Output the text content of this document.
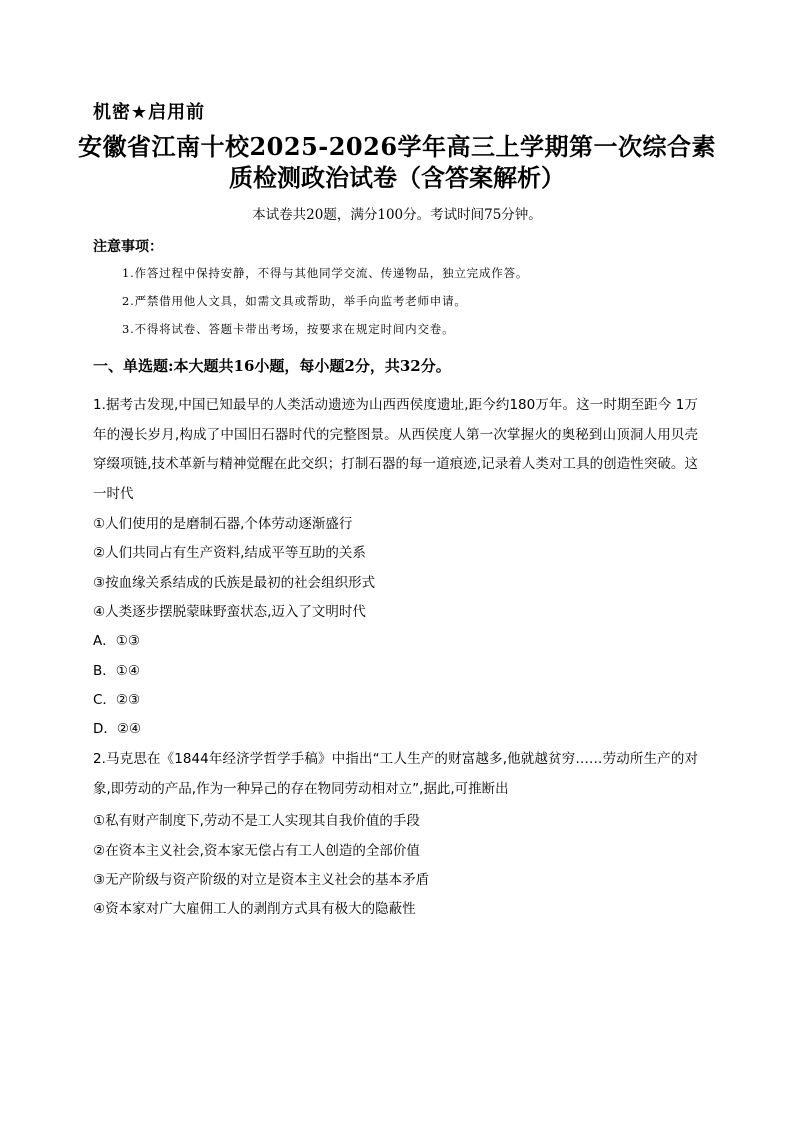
机密★启用前
安徽省江南十校2025-2026学年高三上学期第一次综合素
质检测政治试卷（含答案解析）
本试卷共20题，满分100分。考试时间75分钟。
注意事项：
1.作答过程中保持安静，不得与其他同学交流、传递物品，独立完成作答。
2.严禁借用他人文具，如需文具或帮助，举手向监考老师申请。
3.不得将试卷、答题卡带出考场，按要求在规定时间内交卷。
一、单选题:本大题共16小题，每小题2分，共32分。
1.据考古发现,中国已知最早的人类活动遗迹为山西西侯度遗址,距今约180万年。这一时期至距今 1万年的漫长岁月,构成了中国旧石器时代的完整图景。从西侯度人第一次掌握火的奥秘到山顶洞人用贝壳穿缀项链,技术革新与精神觉醒在此交织；打制石器的每一道痕迹,记录着人类对工具的创造性突破。这一时代
①人们使用的是磨制石器,个体劳动逐渐盛行
②人们共同占有生产资料,结成平等互助的关系
③按血缘关系结成的氏族是最初的社会组织形式
④人类逐步摆脱蒙昧野蛮状态,迈入了文明时代
A．①③
B．①④
C．②③
D．②④
2.马克思在《1844年经济学哲学手稿》中指出“工人生产的财富越多,他就越贫穷……劳动所生产的对象,即劳动的产品,作为一种异己的存在物同劳动相对立”,据此,可推断出
①私有财产制度下,劳动不是工人实现其自我价值的手段
②在资本主义社会,资本家无偿占有工人创造的全部价值
③无产阶级与资产阶级的对立是资本主义社会的基本矛盾
④资本家对广大雇佣工人的剥削方式具有极大的隐蔽性
